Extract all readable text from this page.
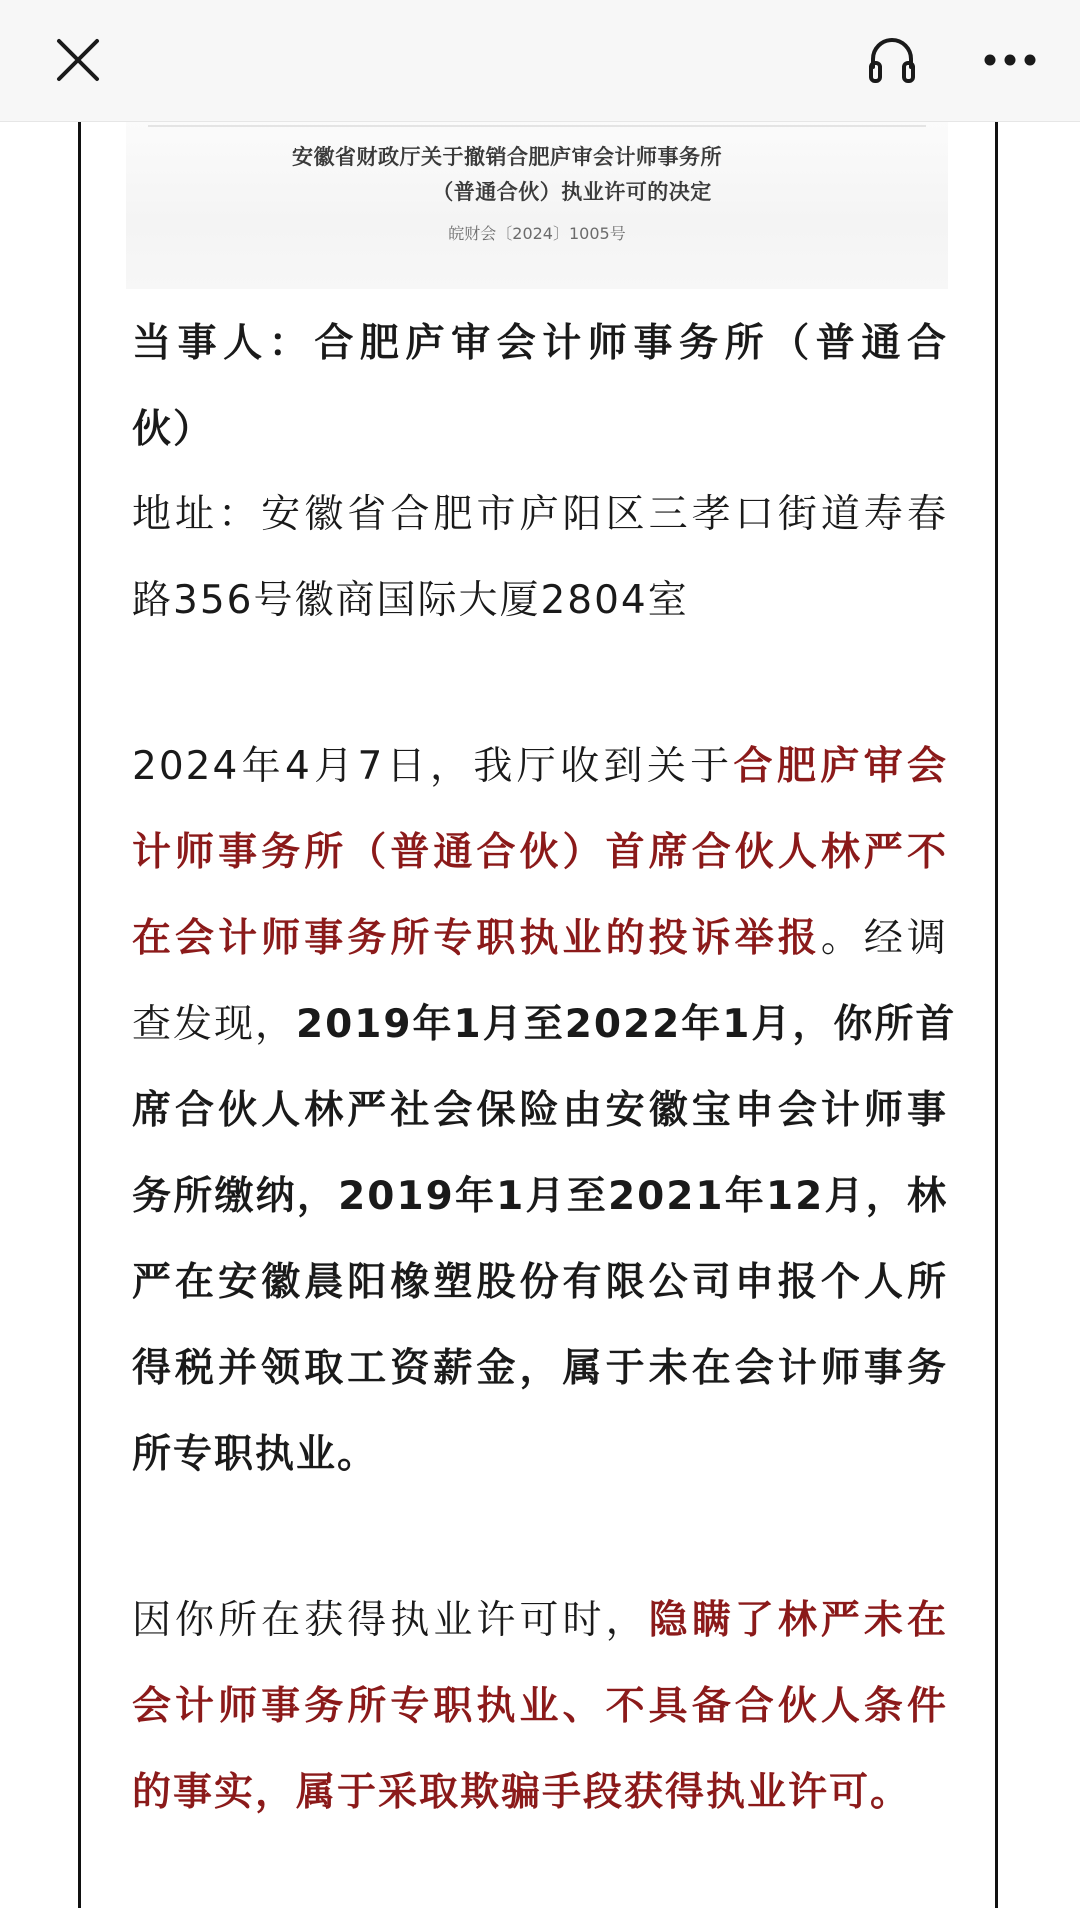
安徽省财政厅关于撤销合肥庐审会计师事务所
（普通合伙）执业许可的决定
皖财会〔2024〕1005号
当事人：合肥庐审会计师事务所（普通合
伙）
地址：安徽省合肥市庐阳区三孝口街道寿春
路356号徽商国际大厦2804室
2024年4月7日，我厅收到关于合肥庐审会
计师事务所（普通合伙）首席合伙人林严不
在会计师事务所专职执业的投诉举报。经调
查发现，2019年1月至2022年1月，你所首
席合伙人林严社会保险由安徽宝申会计师事
务所缴纳，2019年1月至2021年12月，林
严在安徽晨阳橡塑股份有限公司申报个人所
得税并领取工资薪金，属于未在会计师事务
所专职执业。
因你所在获得执业许可时，隐瞒了林严未在
会计师事务所专职执业、不具备合伙人条件
的事实，属于采取欺骗手段获得执业许可。
